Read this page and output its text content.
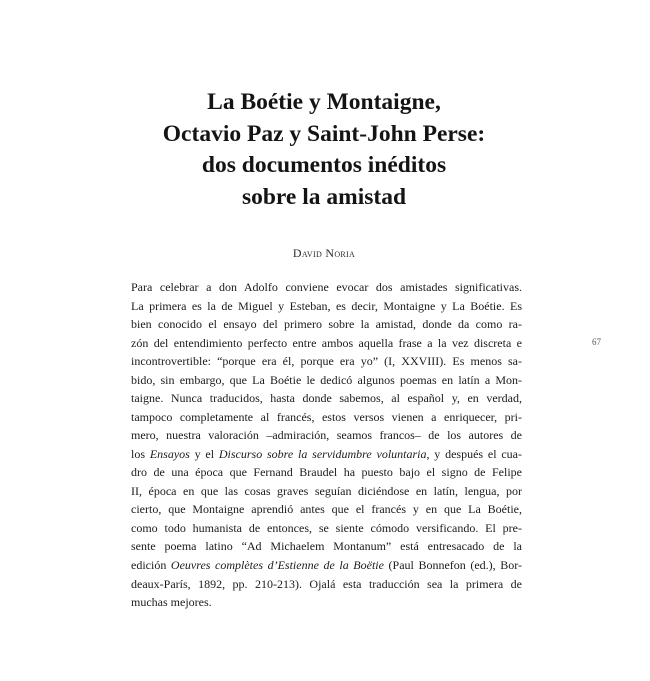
La Boétie y Montaigne,
Octavio Paz y Saint-John Perse:
dos documentos inéditos
sobre la amistad
David Noria
Para celebrar a don Adolfo conviene evocar dos amistades significativas.
La primera es la de Miguel y Esteban, es decir, Montaigne y La Boétie. Es
bien conocido el ensayo del primero sobre la amistad, donde da como ra-
zón del entendimiento perfecto entre ambos aquella frase a la vez discreta e
incontrovertible: “porque era él, porque era yo” (I, XXVIII). Es menos sa-
bido, sin embargo, que La Boétie le dedicó algunos poemas en latín a Mon-
taigne. Nunca traducidos, hasta donde sabemos, al español y, en verdad,
tampoco completamente al francés, estos versos vienen a enriquecer, pri-
mero, nuestra valoración –admiración, seamos francos– de los autores de
los Ensayos y el Discurso sobre la servidumbre voluntaria, y después el cua-
dro de una época que Fernand Braudel ha puesto bajo el signo de Felipe
II, época en que las cosas graves seguían diciéndose en latín, lengua, por
cierto, que Montaigne aprendió antes que el francés y en que La Boétie,
como todo humanista de entonces, se siente cómodo versificando. El pre-
sente poema latino “Ad Michaelem Montanum” está entresacado de la
edición Oeuvres complètes d’Estienne de la Boëtie (Paul Bonnefon (ed.), Bor-
deaux-París, 1892, pp. 210-213). Ojalá esta traducción sea la primera de
muchas mejores.
67
